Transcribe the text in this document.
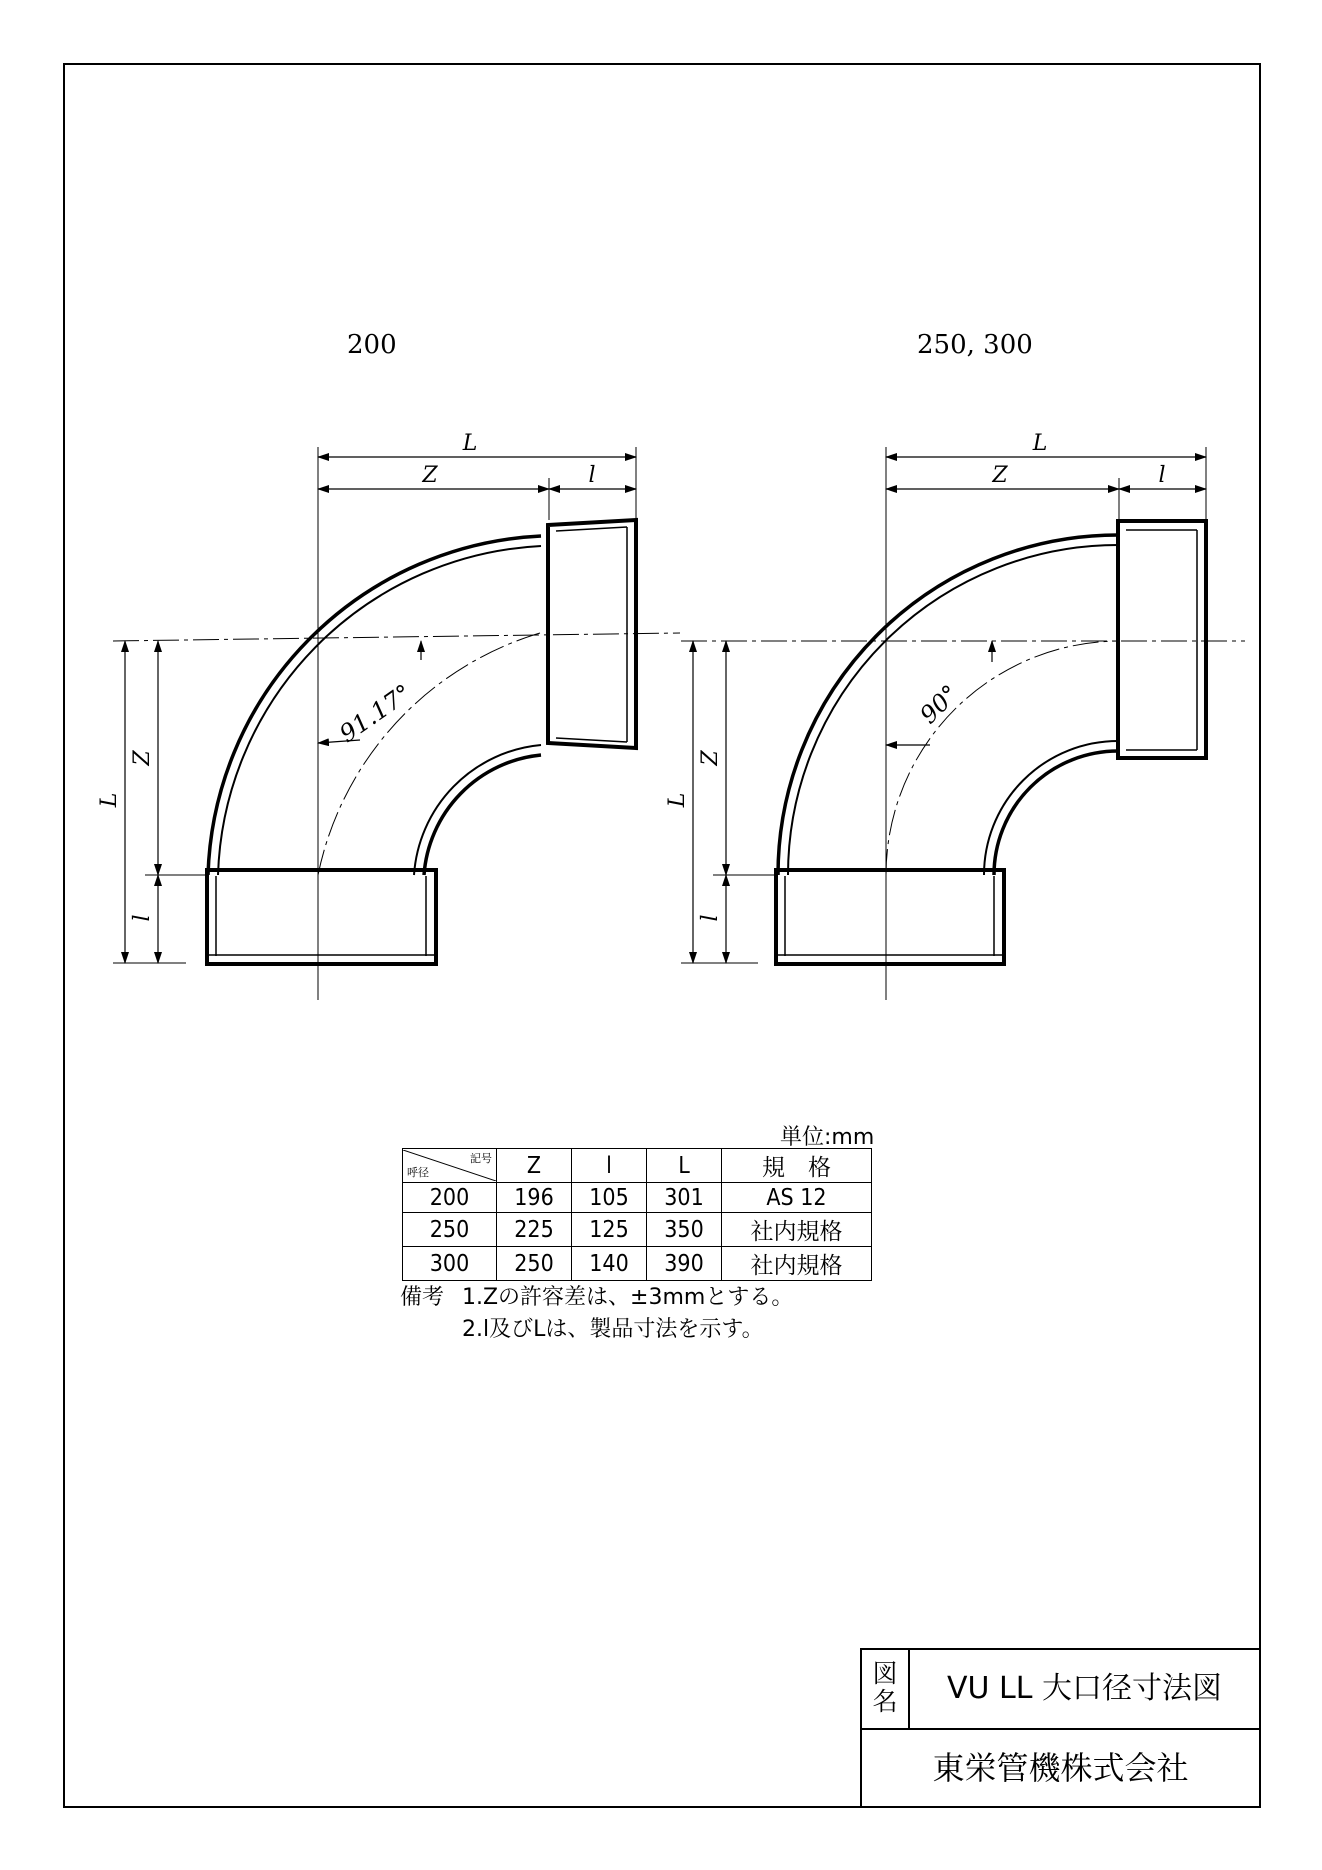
L
Z	l
L
Z
l
91.17°
L
Z	l
L
Z
l
90°
200	250, 300
単位:mm
記号
呼径	Z	l	L	規　格
200	196	105	301	AS 12
250	225	125	350	社内規格
300	250	140	390	社内規格
備考 1.Zの許容差は、±3mmとする。
2.l及びLは、製品寸法を示す。
図名	VU LL 大口径寸法図
東栄管機株式会社
